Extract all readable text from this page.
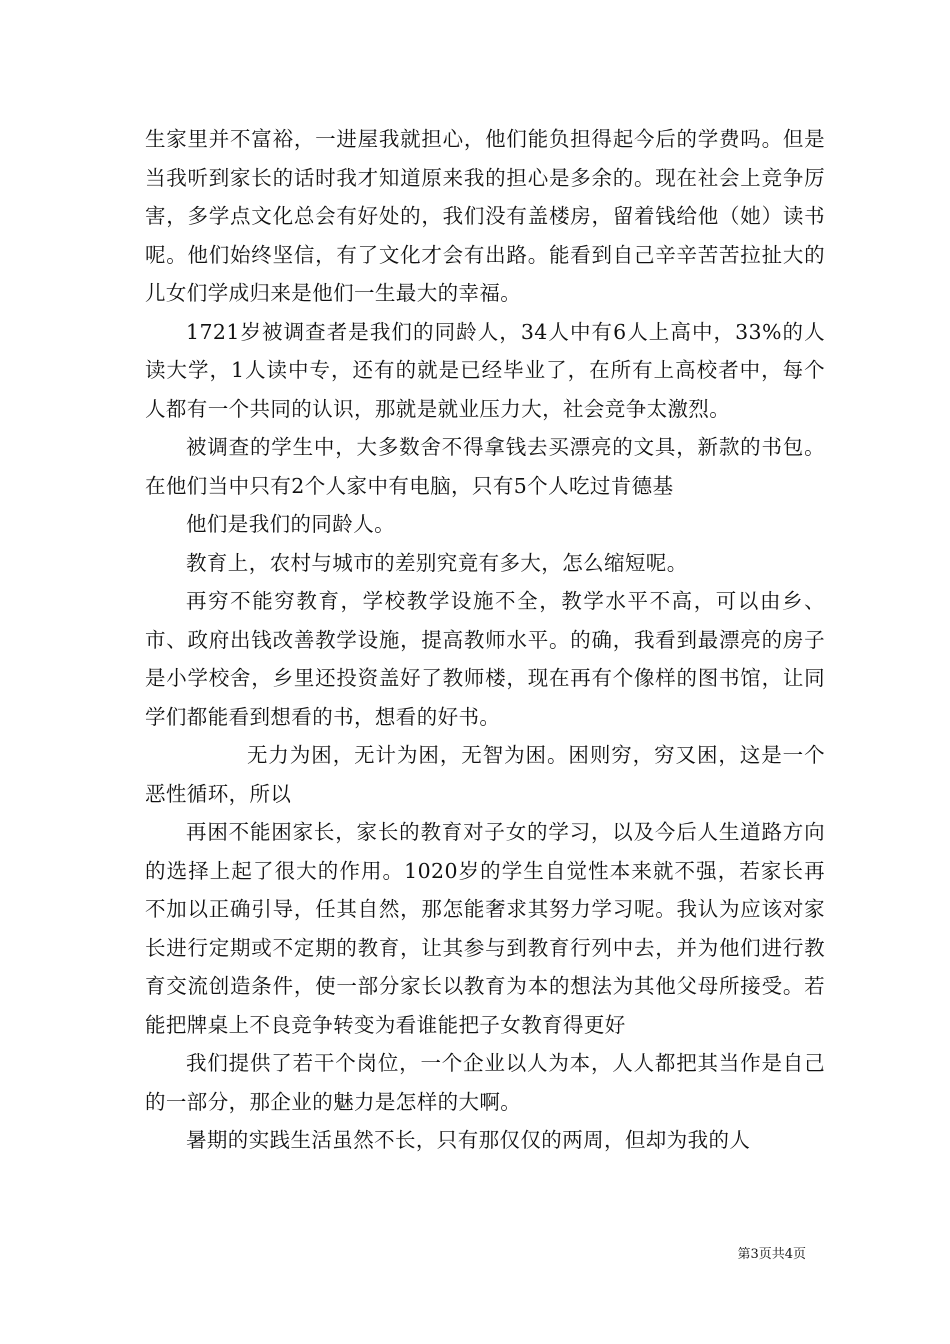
生家里并不富裕，一进屋我就担心，他们能负担得起今后的学费吗。但是当我听到家长的话时我才知道原来我的担心是多余的。现在社会上竞争厉害，多学点文化总会有好处的，我们没有盖楼房，留着钱给他（她）读书呢。他们始终坚信，有了文化才会有出路。能看到自己辛辛苦苦拉扯大的儿女们学成归来是他们一生最大的幸福。

1721岁被调查者是我们的同龄人，34人中有6人上高中，33%的人读大学，1人读中专，还有的就是已经毕业了，在所有上高校者中，每个人都有一个共同的认识，那就是就业压力大，社会竞争太激烈。

被调查的学生中，大多数舍不得拿钱去买漂亮的文具，新款的书包。在他们当中只有2个人家中有电脑，只有5个人吃过肯德基

他们是我们的同龄人。

教育上，农村与城市的差别究竟有多大，怎么缩短呢。

再穷不能穷教育，学校教学设施不全，教学水平不高，可以由乡、市、政府出钱改善教学设施，提高教师水平。的确，我看到最漂亮的房子是小学校舍，乡里还投资盖好了教师楼，现在再有个像样的图书馆，让同学们都能看到想看的书，想看的好书。

无力为困，无计为困，无智为困。困则穷，穷又困，这是一个恶性循环，所以

再困不能困家长，家长的教育对子女的学习，以及今后人生道路方向的选择上起了很大的作用。1020岁的学生自觉性本来就不强，若家长再不加以正确引导，任其自然，那怎能奢求其努力学习呢。我认为应该对家长进行定期或不定期的教育，让其参与到教育行列中去，并为他们进行教育交流创造条件，使一部分家长以教育为本的想法为其他父母所接受。若能把牌桌上不良竞争转变为看谁能把子女教育得更好

我们提供了若干个岗位，一个企业以人为本，人人都把其当作是自己的一部分，那企业的魅力是怎样的大啊。

暑期的实践生活虽然不长，只有那仅仅的两周，但却为我的人

第3页共4页
